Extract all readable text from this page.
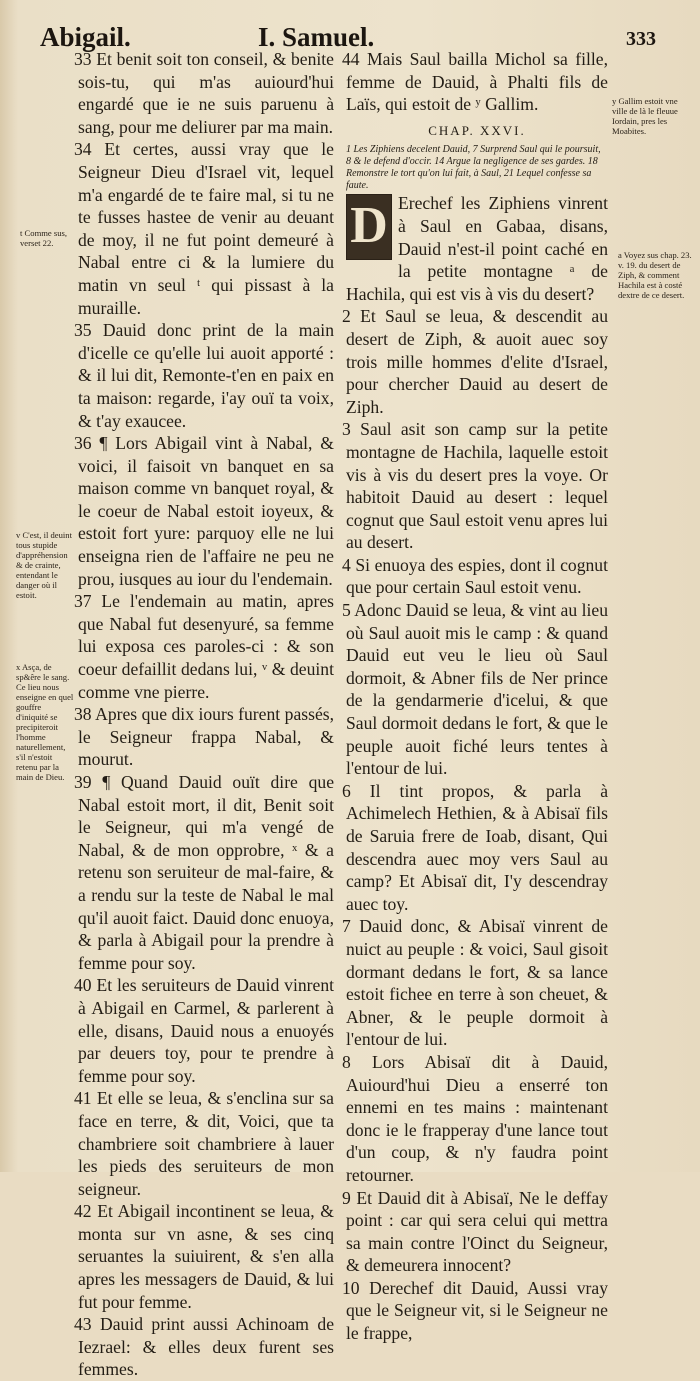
Abigail.	I. Samuel.	333
t Comme sus, verset 22.
v C'est, il deuint tous stupide d'appréhension & de crainte, entendant le danger où il estoit.
x Asça, de sp&êre le sang. Ce lieu nous enseigne en quel gouffre d'iniquité se precipiteroit l'homme naturellement, s'il n'estoit retenu par la main de Dieu.
y Gallim estoit vne ville de là le fleuue Iordain, pres les Moabites.
a Voyez sus chap. 23. v. 19. du desert de Ziph, & comment Hachila est à costé dextre de ce desert.

33 Et benit soit ton conseil, & benite sois-tu, qui m'as auiourd'hui engardé que ie ne suis paruenu à sang, pour me deliurer par ma main.

34 Et certes, aussi vray que le Seigneur Dieu d'Israel vit, lequel m'a engardé de te faire mal, si tu ne te fusses hastee de venir au deuant de moy, il ne fut point demeuré à Nabal entre ci & la lumiere du matin vn seul ᵗ qui pissast à la muraille.

35 Dauid donc print de la main d'icelle ce qu'elle lui auoit apporté : & il lui dit, Remonte-t'en en paix en ta maison: regarde, i'ay ouï ta voix, & t'ay exaucee.

36 ¶ Lors Abigail vint à Nabal, & voici, il faisoit vn banquet en sa maison comme vn banquet royal, & le coeur de Nabal estoit ioyeux, & estoit fort yure: parquoy elle ne lui enseigna rien de l'affaire ne peu ne prou, iusques au iour du l'endemain.

37 Le l'endemain au matin, apres que Nabal fut desenyuré, sa femme lui exposa ces paroles-ci : & son coeur defaillit dedans lui, ᵛ & deuint comme vne pierre.

38 Apres que dix iours furent passés, le Seigneur frappa Nabal, & mourut.

39 ¶ Quand Dauid ouït dire que Nabal estoit mort, il dit, Benit soit le Seigneur, qui m'a vengé de Nabal, & de mon opprobre, ˣ & a retenu son seruiteur de mal-faire, & a rendu sur la teste de Nabal le mal qu'il auoit faict. Dauid donc enuoya, & parla à Abigail pour la prendre à femme pour soy.

40 Et les seruiteurs de Dauid vinrent à Abigail en Carmel, & parlerent à elle, disans, Dauid nous a enuoyés par deuers toy, pour te prendre à femme pour soy.

41 Et elle se leua, & s'enclina sur sa face en terre, & dit, Voici, que ta chambriere soit chambriere à lauer les pieds des seruiteurs de mon seigneur.

42 Et Abigail incontinent se leua, & monta sur vn asne, & ses cinq seruantes la suiuirent, & s'en alla apres les messagers de Dauid, & lui fut pour femme.

43 Dauid print aussi Achinoam de Iezrael: & elles deux furent ses femmes.

44 Mais Saul bailla Michol sa fille, femme de Dauid, à Phalti fils de Laïs, qui estoit de ʸ Gallim.

CHAP. XXVI.

1 Les Ziphiens decelent Dauid, 7 Surprend Saul qui le poursuit, 8 & le defend d'occir. 14 Argue la negligence de ses gardes. 18 Remonstre le tort qu'on lui fait, à Saul, 21 Lequel confesse sa faute.

D Erechef les Ziphiens vinrent à Saul en Gabaa, disans, Dauid n'est-il point caché en la petite montagne ᵃ de Hachila, qui est vis à vis du desert?

2 Et Saul se leua, & descendit au desert de Ziph, & auoit auec soy trois mille hommes d'elite d'Israel, pour chercher Dauid au desert de Ziph.

3 Saul asit son camp sur la petite montagne de Hachila, laquelle estoit vis à vis du desert pres la voye. Or habitoit Dauid au desert : lequel cognut que Saul estoit venu apres lui au desert.

4 Si enuoya des espies, dont il cognut que pour certain Saul estoit venu.

5 Adonc Dauid se leua, & vint au lieu où Saul auoit mis le camp : & quand Dauid eut veu le lieu où Saul dormoit, & Abner fils de Ner prince de la gendarmerie d'icelui, & que Saul dormoit dedans le fort, & que le peuple auoit fiché leurs tentes à l'entour de lui.

6 Il tint propos, & parla à Achimelech Hethien, & à Abisaï fils de Saruia frere de Ioab, disant, Qui descendra auec moy vers Saul au camp? Et Abisaï dit, I'y descendray auec toy.

7 Dauid donc, & Abisaï vinrent de nuict au peuple : & voici, Saul gisoit dormant dedans le fort, & sa lance estoit fichee en terre à son cheuet, & Abner, & le peuple dormoit à l'entour de lui.

8 Lors Abisaï dit à Dauid, Auiourd'hui Dieu a enserré ton ennemi en tes mains : maintenant donc ie le frapperay d'une lance tout d'un coup, & n'y faudra point retourner.

9 Et Dauid dit à Abisaï, Ne le deffay point : car qui sera celui qui mettra sa main contre l'Oinct du Seigneur, & demeurera innocent?

10 Derechef dit Dauid, Aussi vray que le Seigneur vit, si le Seigneur ne le frappe,
